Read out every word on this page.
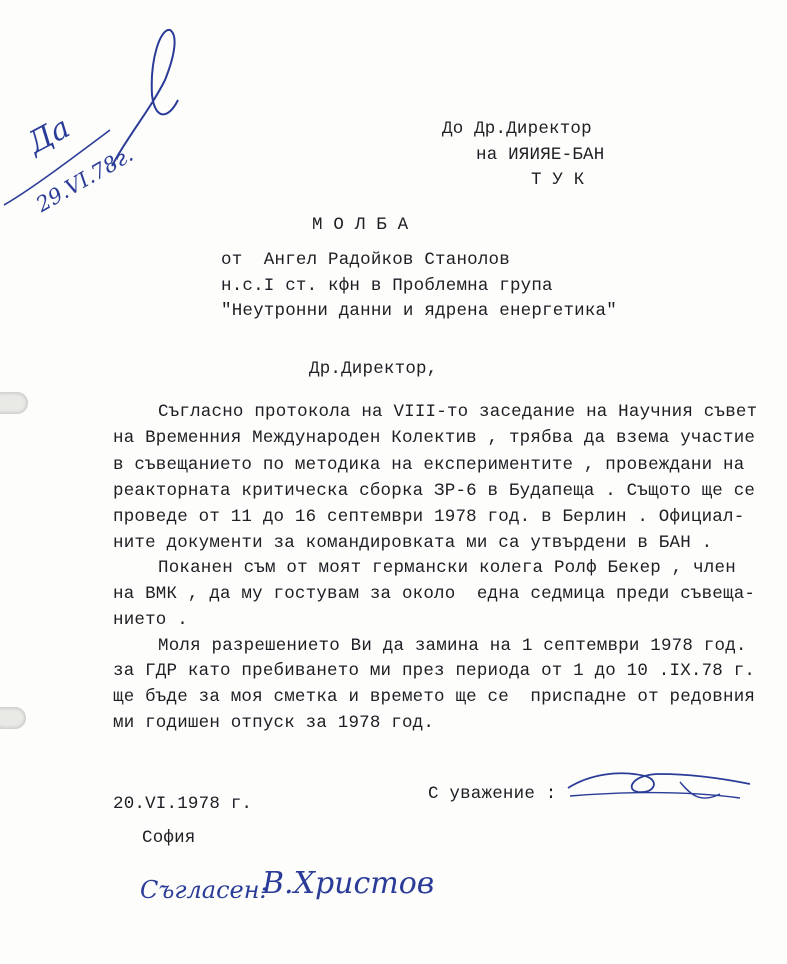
Да
29.VI.78г.
До Др.Директор
на ИЯИЯЕ-БАН
Т У К
М О Л Б А
от  Ангел Радойков Станолов
н.с.I ст. кфн в Проблемна група
"Неутронни данни и ядрена енергетика"
Др.Директор,
Съгласно протокола на VIII-то заседание на Научния съвет
на Временния Международен Колектив , трябва да взема участие
в съвещанието по методика на експериментите , провеждани на
реакторната критическа сборка ЗР-6 в Будапеща . Същото ще се
проведе от 11 до 16 септември 1978 год. в Берлин . Официал-
ните документи за командировката ми са утвърдени в БАН .
Поканен съм от моят германски колега Ролф Бекер , член
на ВМК , да му гостувам за около  една седмица преди съвеща-
нието .
Моля разрешението Ви да замина на 1 септември 1978 год.
за ГДР като пребиването ми през периода от 1 до 10 .IX.78 г.
ще бъде за моя сметка и времето ще се  приспадне от редовния
ми годишен отпуск за 1978 год.
С уважение :
20.VI.1978 г.
София
Съгласен:
В.Христов
